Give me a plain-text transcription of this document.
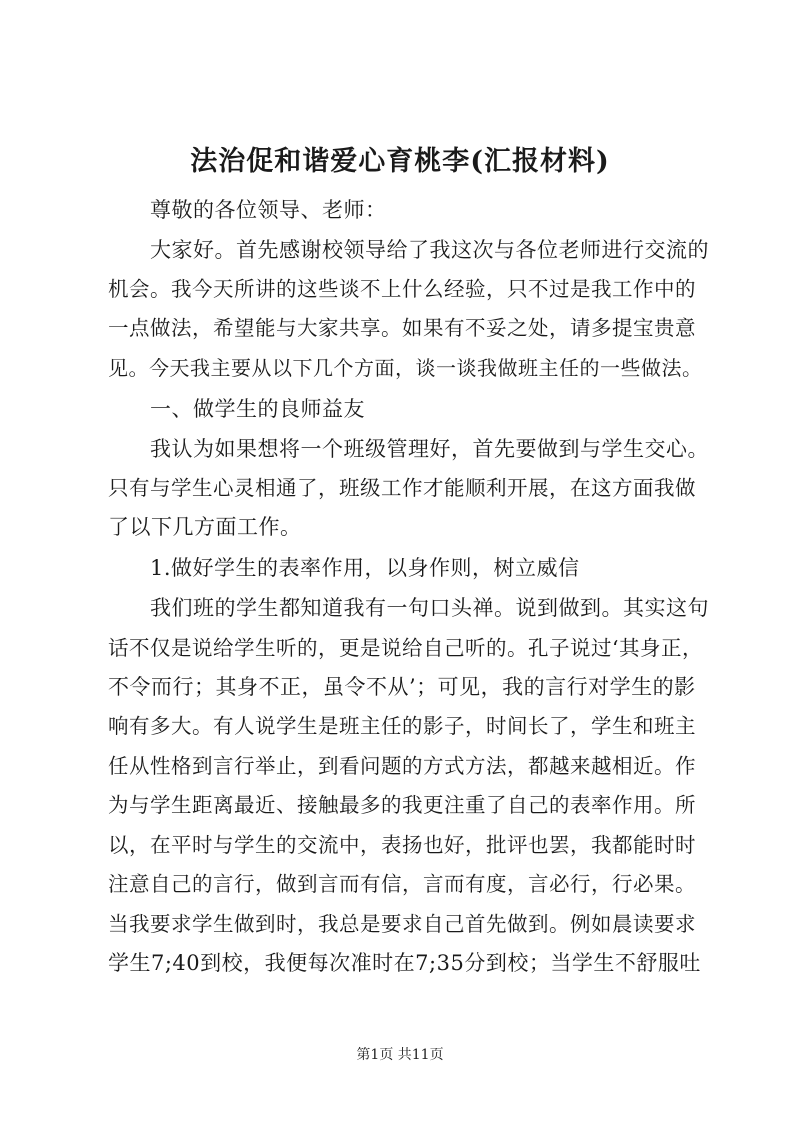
法治促和谐爱心育桃李(汇报材料)
尊敬的各位领导、老师：
大家好。首先感谢校领导给了我这次与各位老师进行交流的
机会。我今天所讲的这些谈不上什么经验，只不过是我工作中的
一点做法，希望能与大家共享。如果有不妥之处，请多提宝贵意
见。今天我主要从以下几个方面，谈一谈我做班主任的一些做法。
一、做学生的良师益友
我认为如果想将一个班级管理好，首先要做到与学生交心。
只有与学生心灵相通了，班级工作才能顺利开展，在这方面我做
了以下几方面工作。
1.做好学生的表率作用，以身作则，树立威信
我们班的学生都知道我有一句口头禅。说到做到。其实这句
话不仅是说给学生听的，更是说给自己听的。孔子说过‘其身正，
不令而行；其身不正，虽令不从’；可见，我的言行对学生的影
响有多大。有人说学生是班主任的影子，时间长了，学生和班主
任从性格到言行举止，到看问题的方式方法，都越来越相近。作
为与学生距离最近、接触最多的我更注重了自己的表率作用。所
以，在平时与学生的交流中，表扬也好，批评也罢，我都能时时
注意自己的言行，做到言而有信，言而有度，言必行，行必果。
当我要求学生做到时，我总是要求自己首先做到。例如晨读要求
学生7;40到校，我便每次准时在7;35分到校；当学生不舒服吐
第1页 共11页
